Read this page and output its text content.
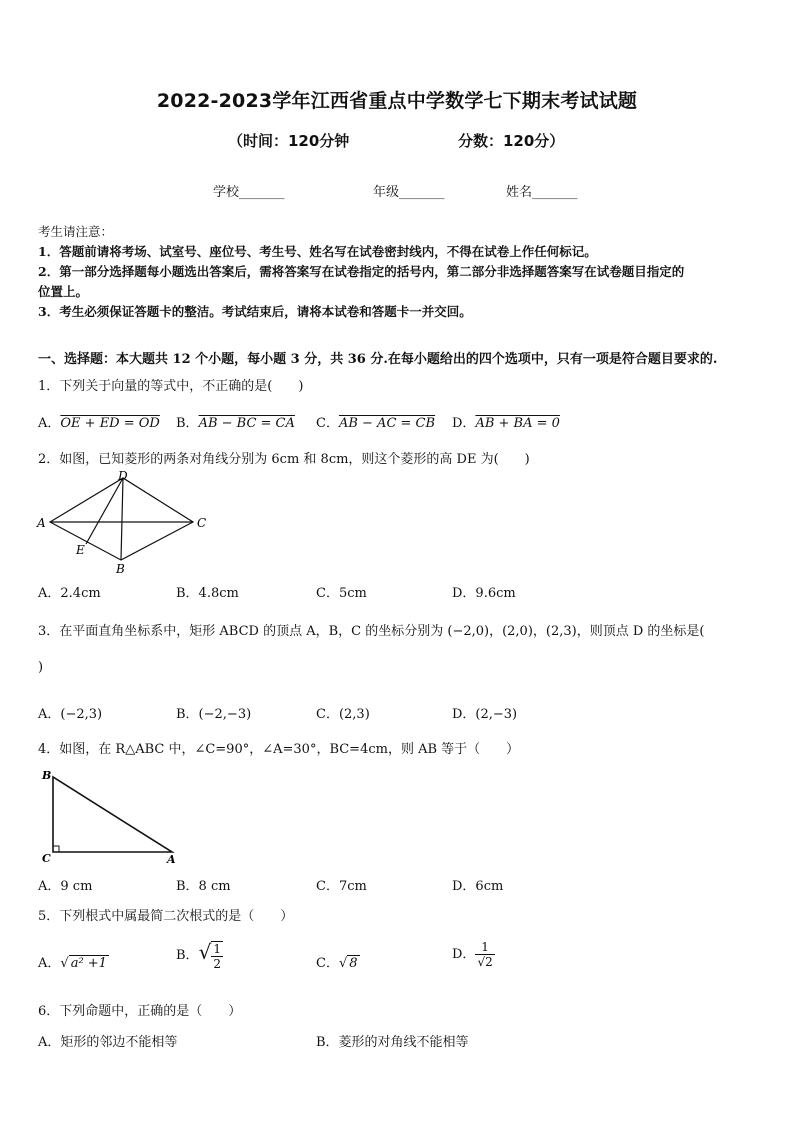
2022-2023学年江西省重点中学数学七下期末考试试题
（时间：120分钟	分数：120分）
学校_______	年级_______	姓名_______
考生请注意：
1．答题前请将考场、试室号、座位号、考生号、姓名写在试卷密封线内，不得在试卷上作任何标记。
2．第一部分选择题每小题选出答案后，需将答案写在试卷指定的括号内，第二部分非选择题答案写在试卷题目指定的
位置上。
3．考生必须保证答题卡的整洁。考试结束后，请将本试卷和答题卡一并交回。
一、选择题：本大题共 12 个小题，每小题 3 分，共 36 分.在每小题给出的四个选项中，只有一项是符合题目要求的.
1．下列关于向量的等式中，不正确的是(　　)
A．OE + ED = OD B．AB − BC = CA C．AB − AC = CB D．AB + BA = 0
2．如图，已知菱形的两条对角线分别为 6cm 和 8cm，则这个菱形的高 DE 为(　　)
D
A	C
E
B
A．2.4cm	B．4.8cm	C．5cm	D．9.6cm
3．在平面直角坐标系中，矩形 ABCD 的顶点 A，B，C 的坐标分别为 (−2,0)，(2,0)，(2,3)，则顶点 D 的坐标是(
)
A．(−2,3)	B．(−2,−3)	C．(2,3)	D．(2,−3)
4．如图，在 R△ABC 中，∠C=90°，∠A=30°，BC=4cm，则 AB 等于（　　）
B
C	A
A．9 cm	B．8 cm	C．7cm	D．6cm
5．下列根式中属最简二次根式的是（　　）
A．√ a² +1
B．√ $\frac{1}{2}$	C．√ 8
D． $\frac{1}{√2}$
6．下列命题中，正确的是（　　）
A．矩形的邻边不能相等	B．菱形的对角线不能相等
